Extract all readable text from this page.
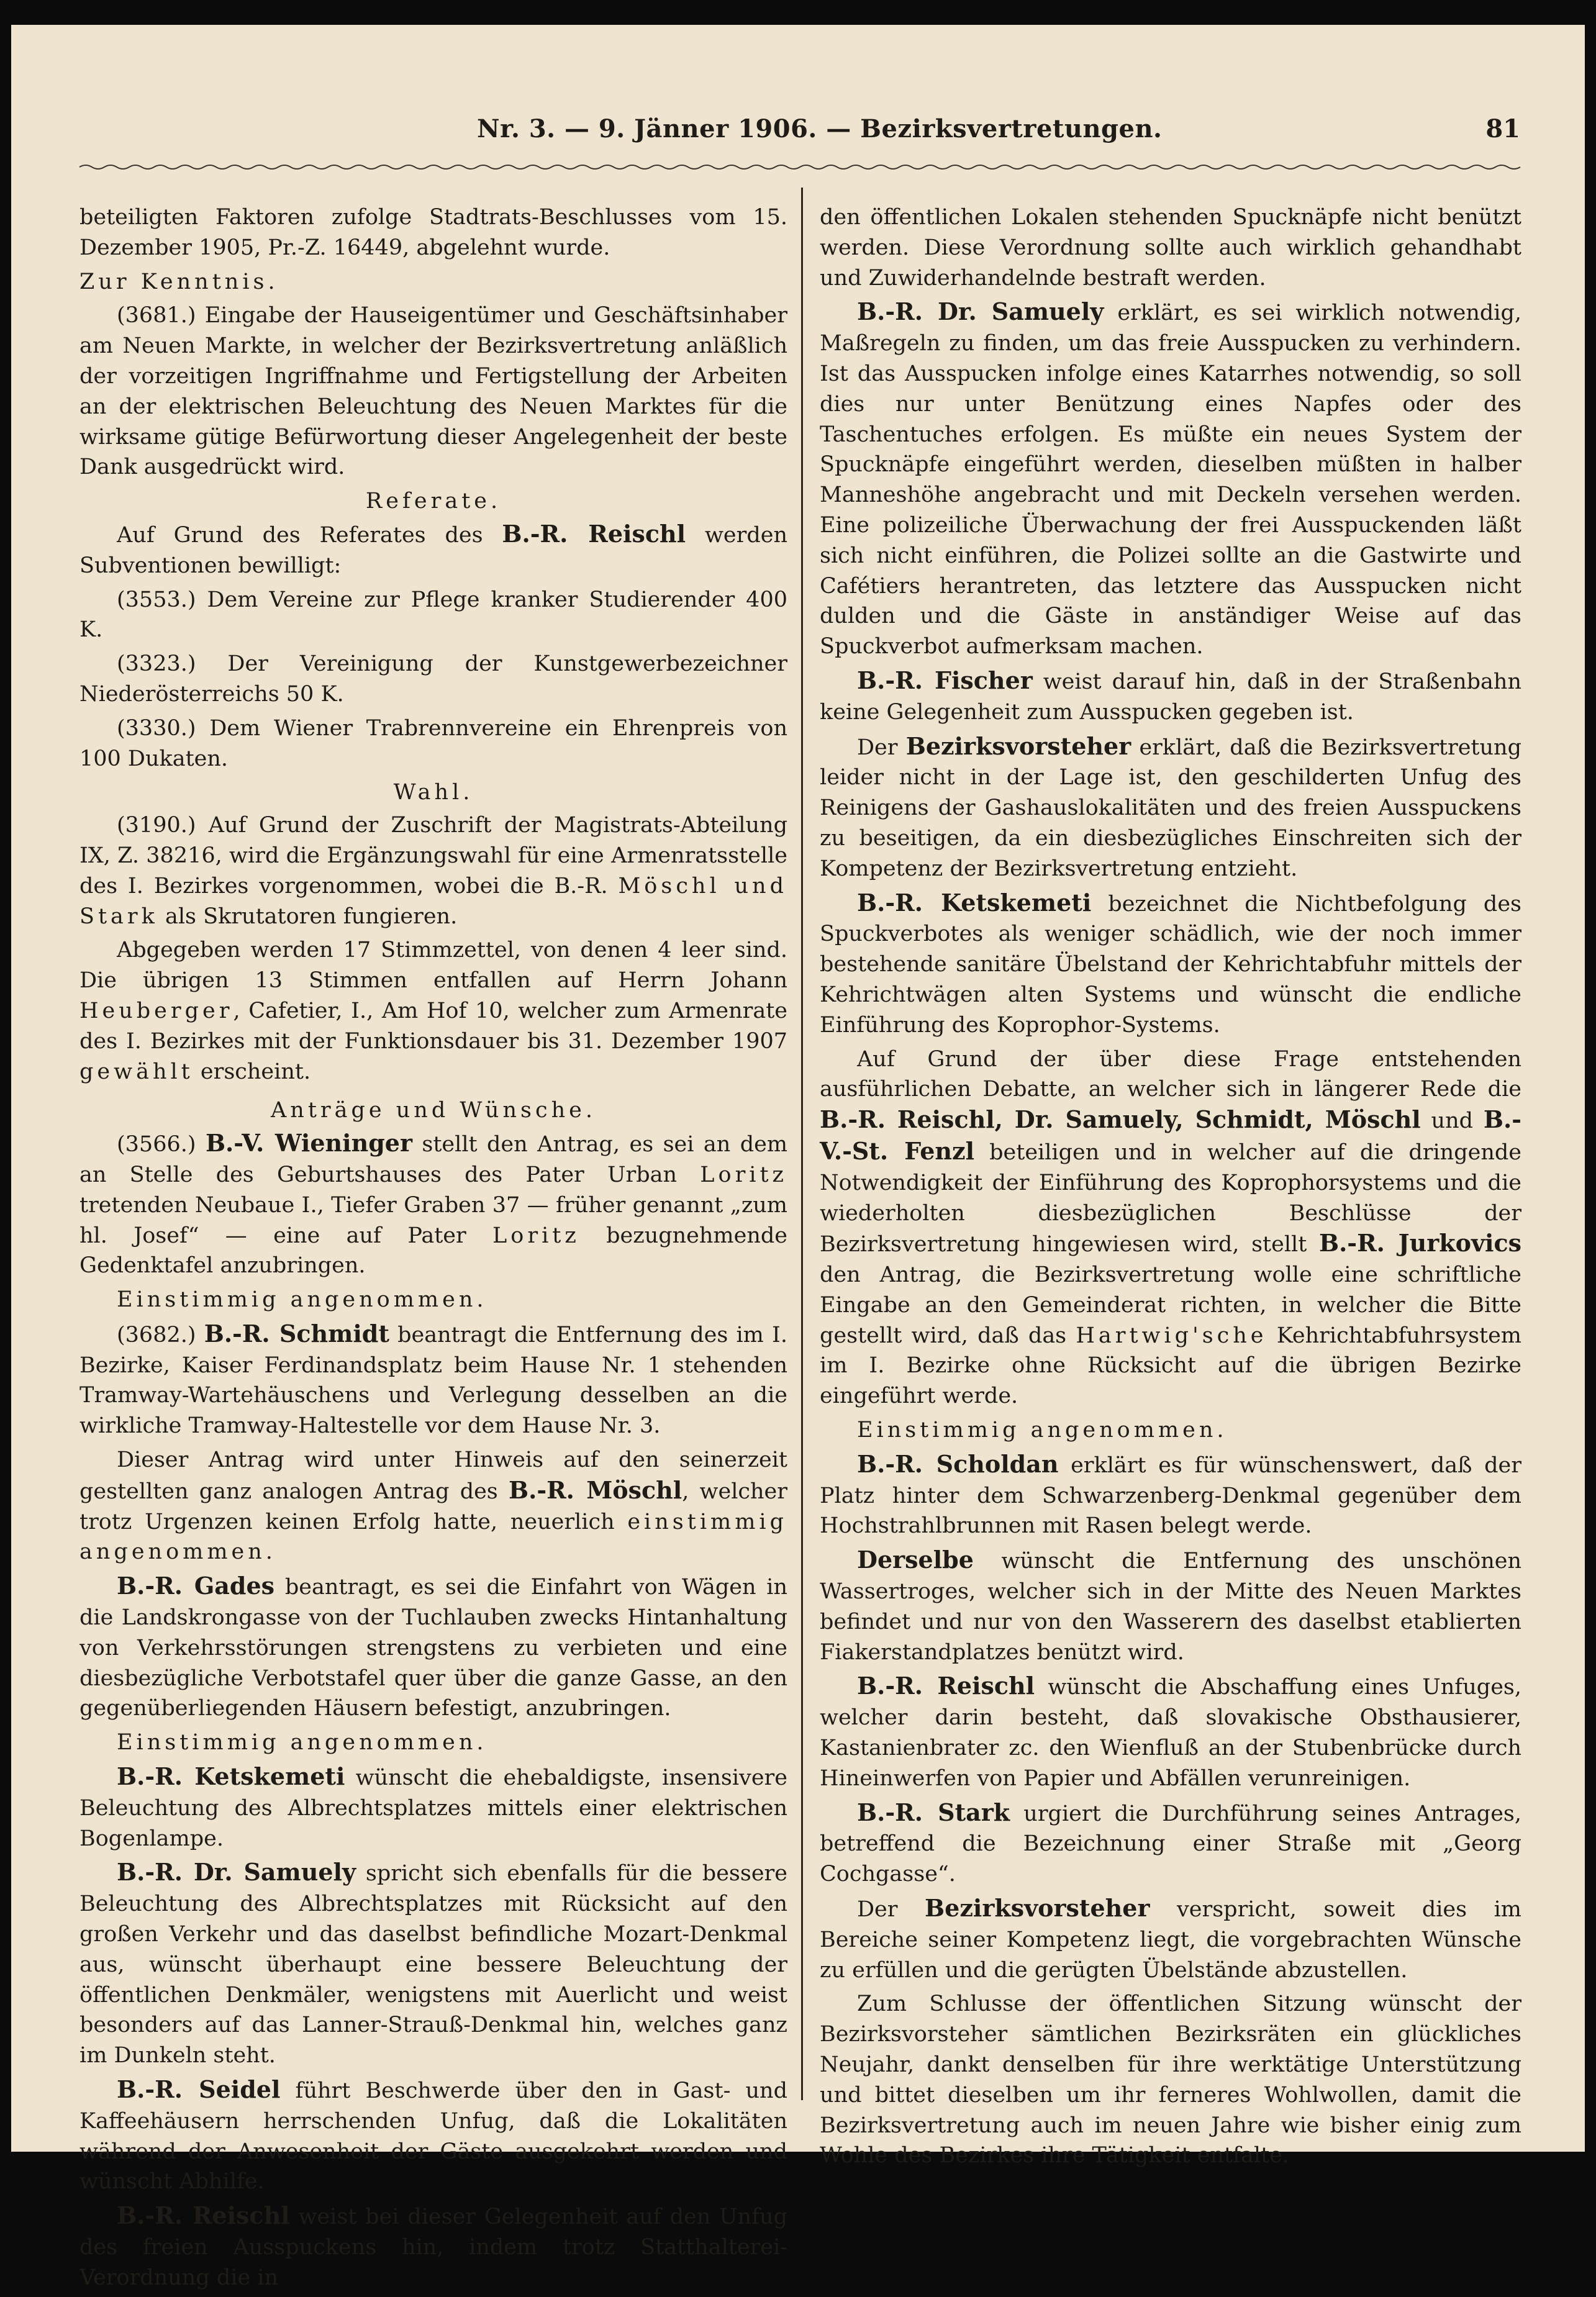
Nr. 3. — 9. Jänner 1906. — Bezirksvertretungen.	81

beteiligten Faktoren zufolge Stadtrats-Beschlusses vom 15. Dezember 1905, Pr.-Z. 16449, abgelehnt wurde.

Zur Kenntnis.

(3681.) Eingabe der Hauseigentümer und Geschäftsinhaber am Neuen Markte, in welcher der Bezirksvertretung anläßlich der vorzeitigen Ingriffnahme und Fertigstellung der Arbeiten an der elektrischen Beleuchtung des Neuen Marktes für die wirksame gütige Befürwortung dieser Angelegenheit der beste Dank ausgedrückt wird.

Referate.

Auf Grund des Referates des B.-R. Reischl werden Subventionen bewilligt:

(3553.) Dem Vereine zur Pflege kranker Studierender 400 K.

(3323.) Der Vereinigung der Kunstgewerbezeichner Niederösterreichs 50 K.

(3330.) Dem Wiener Trabrennvereine ein Ehrenpreis von 100 Dukaten.

Wahl.

(3190.) Auf Grund der Zuschrift der Magistrats-Abteilung IX, Z. 38216, wird die Ergänzungswahl für eine Armenratsstelle des I. Bezirkes vorgenommen, wobei die B.-R. Möschl und Stark als Skrutatoren fungieren.

Abgegeben werden 17 Stimmzettel, von denen 4 leer sind. Die übrigen 13 Stimmen entfallen auf Herrn Johann Heuberger, Cafetier, I., Am Hof 10, welcher zum Armenrate des I. Bezirkes mit der Funktionsdauer bis 31. Dezember 1907 gewählt erscheint.

Anträge und Wünsche.

(3566.) B.-V. Wieninger stellt den Antrag, es sei an dem an Stelle des Geburtshauses des Pater Urban Loritz tretenden Neubaue I., Tiefer Graben 37 — früher genannt „zum hl. Josef“ — eine auf Pater Loritz bezugnehmende Gedenktafel anzubringen.

Einstimmig angenommen.

(3682.) B.-R. Schmidt beantragt die Entfernung des im I. Bezirke, Kaiser Ferdinandsplatz beim Hause Nr. 1 stehenden Tramway-Wartehäuschens und Verlegung desselben an die wirkliche Tramway-Haltestelle vor dem Hause Nr. 3.

Dieser Antrag wird unter Hinweis auf den seinerzeit gestellten ganz analogen Antrag des B.-R. Möschl, welcher trotz Urgenzen keinen Erfolg hatte, neuerlich einstimmig angenommen.

B.-R. Gades beantragt, es sei die Einfahrt von Wägen in die Landskrongasse von der Tuchlauben zwecks Hintanhaltung von Verkehrsstörungen strengstens zu verbieten und eine diesbezügliche Verbotstafel quer über die ganze Gasse, an den gegenüberliegenden Häusern befestigt, anzubringen.

Einstimmig angenommen.

B.-R. Ketskemeti wünscht die ehebaldigste, insensivere Beleuchtung des Albrechtsplatzes mittels einer elektrischen Bogenlampe.

B.-R. Dr. Samuely spricht sich ebenfalls für die bessere Beleuchtung des Albrechtsplatzes mit Rücksicht auf den großen Verkehr und das daselbst befindliche Mozart-Denkmal aus, wünscht überhaupt eine bessere Beleuchtung der öffentlichen Denkmäler, wenigstens mit Auerlicht und weist besonders auf das Lanner-Strauß-Denkmal hin, welches ganz im Dunkeln steht.

B.-R. Seidel führt Beschwerde über den in Gast- und Kaffeehäusern herrschenden Unfug, daß die Lokalitäten während der Anwesenheit der Gäste ausgekehrt werden und wünscht Abhilfe.

B.-R. Reischl weist bei dieser Gelegenheit auf den Unfug des freien Ausspuckens hin, indem trotz Statthalterei-Verordnung die in

den öffentlichen Lokalen stehenden Spucknäpfe nicht benützt werden. Diese Verordnung sollte auch wirklich gehandhabt und Zuwiderhandelnde bestraft werden.

B.-R. Dr. Samuely erklärt, es sei wirklich notwendig, Maßregeln zu finden, um das freie Ausspucken zu verhindern. Ist das Ausspucken infolge eines Katarrhes notwendig, so soll dies nur unter Benützung eines Napfes oder des Taschentuches erfolgen. Es müßte ein neues System der Spucknäpfe eingeführt werden, dieselben müßten in halber Manneshöhe angebracht und mit Deckeln versehen werden. Eine polizeiliche Überwachung der frei Ausspuckenden läßt sich nicht einführen, die Polizei sollte an die Gastwirte und Cafétiers herantreten, das letztere das Ausspucken nicht dulden und die Gäste in anständiger Weise auf das Spuckverbot aufmerksam machen.

B.-R. Fischer weist darauf hin, daß in der Straßenbahn keine Gelegenheit zum Ausspucken gegeben ist.

Der Bezirksvorsteher erklärt, daß die Bezirksvertretung leider nicht in der Lage ist, den geschilderten Unfug des Reinigens der Gashauslokalitäten und des freien Ausspuckens zu beseitigen, da ein diesbezügliches Einschreiten sich der Kompetenz der Bezirksvertretung entzieht.

B.-R. Ketskemeti bezeichnet die Nichtbefolgung des Spuckverbotes als weniger schädlich, wie der noch immer bestehende sanitäre Übelstand der Kehrichtabfuhr mittels der Kehrichtwägen alten Systems und wünscht die endliche Einführung des Koprophor-Systems.

Auf Grund der über diese Frage entstehenden ausführlichen Debatte, an welcher sich in längerer Rede die B.-R. Reischl, Dr. Samuely, Schmidt, Möschl und B.-V.-St. Fenzl beteiligen und in welcher auf die dringende Notwendigkeit der Einführung des Koprophorsystems und die wiederholten diesbezüglichen Beschlüsse der Bezirksvertretung hingewiesen wird, stellt B.-R. Jurkovics den Antrag, die Bezirksvertretung wolle eine schriftliche Eingabe an den Gemeinderat richten, in welcher die Bitte gestellt wird, daß das Hartwig'sche Kehrichtabfuhrsystem im I. Bezirke ohne Rücksicht auf die übrigen Bezirke eingeführt werde.

Einstimmig angenommen.

B.-R. Scholdan erklärt es für wünschenswert, daß der Platz hinter dem Schwarzenberg-Denkmal gegenüber dem Hochstrahlbrunnen mit Rasen belegt werde.

Derselbe wünscht die Entfernung des unschönen Wassertroges, welcher sich in der Mitte des Neuen Marktes befindet und nur von den Wasserern des daselbst etablierten Fiakerstandplatzes benützt wird.

B.-R. Reischl wünscht die Abschaffung eines Unfuges, welcher darin besteht, daß slovakische Obsthausierer, Kastanienbrater zc. den Wienfluß an der Stubenbrücke durch Hineinwerfen von Papier und Abfällen verunreinigen.

B.-R. Stark urgiert die Durchführung seines Antrages, betreffend die Bezeichnung einer Straße mit „Georg Cochgasse“.

Der Bezirksvorsteher verspricht, soweit dies im Bereiche seiner Kompetenz liegt, die vorgebrachten Wünsche zu erfüllen und die gerügten Übelstände abzustellen.

Zum Schlusse der öffentlichen Sitzung wünscht der Bezirksvorsteher sämtlichen Bezirksräten ein glückliches Neujahr, dankt denselben für ihre werktätige Unterstützung und bittet dieselben um ihr ferneres Wohlwollen, damit die Bezirksvertretung auch im neuen Jahre wie bisher einig zum Wohle des Bezirkes ihre Tätigkeit entfalte.
